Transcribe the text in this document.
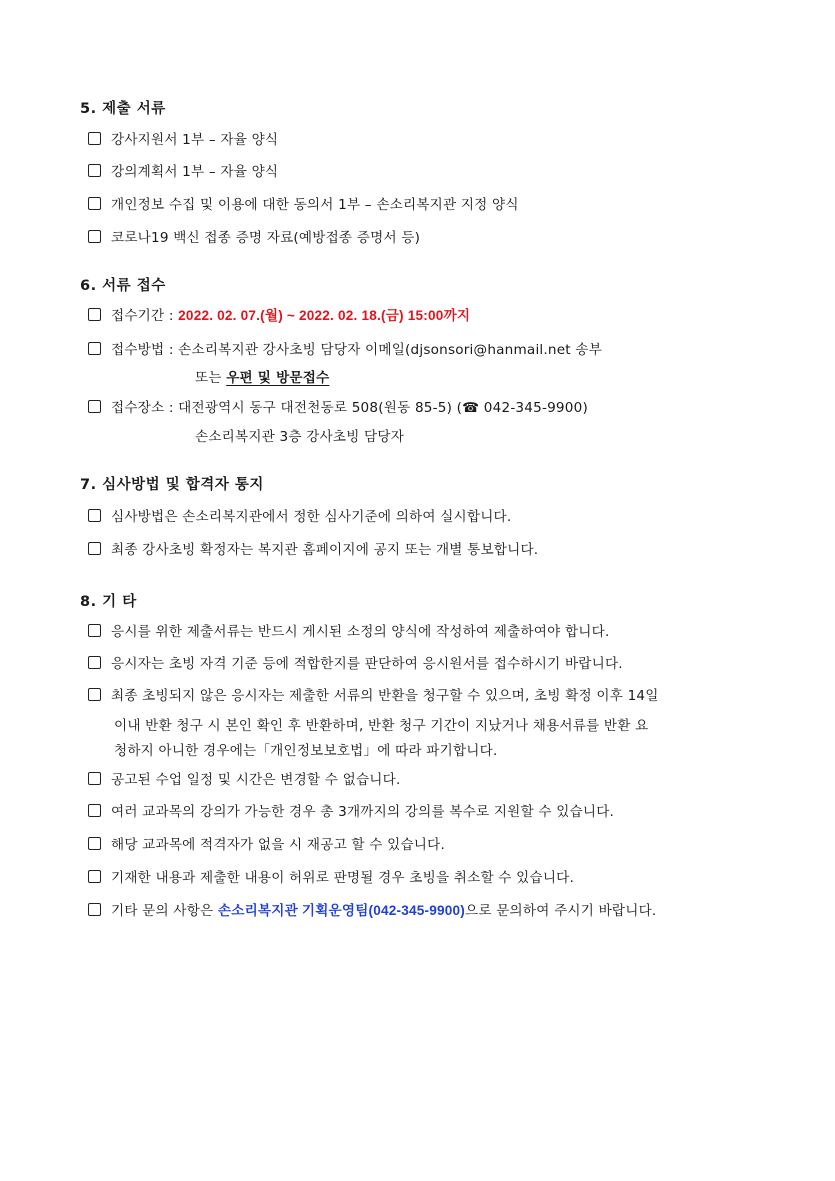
5. 제출 서류
강사지원서 1부 – 자율 양식
강의계획서 1부 – 자율 양식
개인정보 수집 및 이용에 대한 동의서 1부 – 손소리복지관 지정 양식
코로나19 백신 접종 증명 자료(예방접종 증명서 등)
6. 서류 접수
접수기간 : 2022. 02. 07.(월) ~ 2022. 02. 18.(금) 15:00까지
접수방법 : 손소리복지관 강사초빙 담당자 이메일(djsonsori@hanmail.net 송부
또는 우편 및 방문접수
접수장소 : 대전광역시 동구 대전천동로 508(원동 85-5) (☎ 042-345-9900)
손소리복지관 3층 강사초빙 담당자
7. 심사방법 및 합격자 통지
심사방법은 손소리복지관에서 정한 심사기준에 의하여 실시합니다.
최종 강사초빙 확정자는 복지관 홈페이지에 공지 또는 개별 통보합니다.
8. 기 타
응시를 위한 제출서류는 반드시 게시된 소정의 양식에 작성하여 제출하여야 합니다.
응시자는 초빙 자격 기준 등에 적합한지를 판단하여 응시원서를 접수하시기 바랍니다.
최종 초빙되지 않은 응시자는 제출한 서류의 반환을 청구할 수 있으며, 초빙 확정 이후 14일
이내 반환 청구 시 본인 확인 후 반환하며, 반환 청구 기간이 지났거나 채용서류를 반환 요
청하지 아니한 경우에는「개인정보보호법」에 따라 파기합니다.
공고된 수업 일정 및 시간은 변경할 수 없습니다.
여러 교과목의 강의가 가능한 경우 총 3개까지의 강의를 복수로 지원할 수 있습니다.
해당 교과목에 적격자가 없을 시 재공고 할 수 있습니다.
기재한 내용과 제출한 내용이 허위로 판명될 경우 초빙을 취소할 수 있습니다.
기타 문의 사항은 손소리복지관 기획운영팀(042-345-9900)으로 문의하여 주시기 바랍니다.
